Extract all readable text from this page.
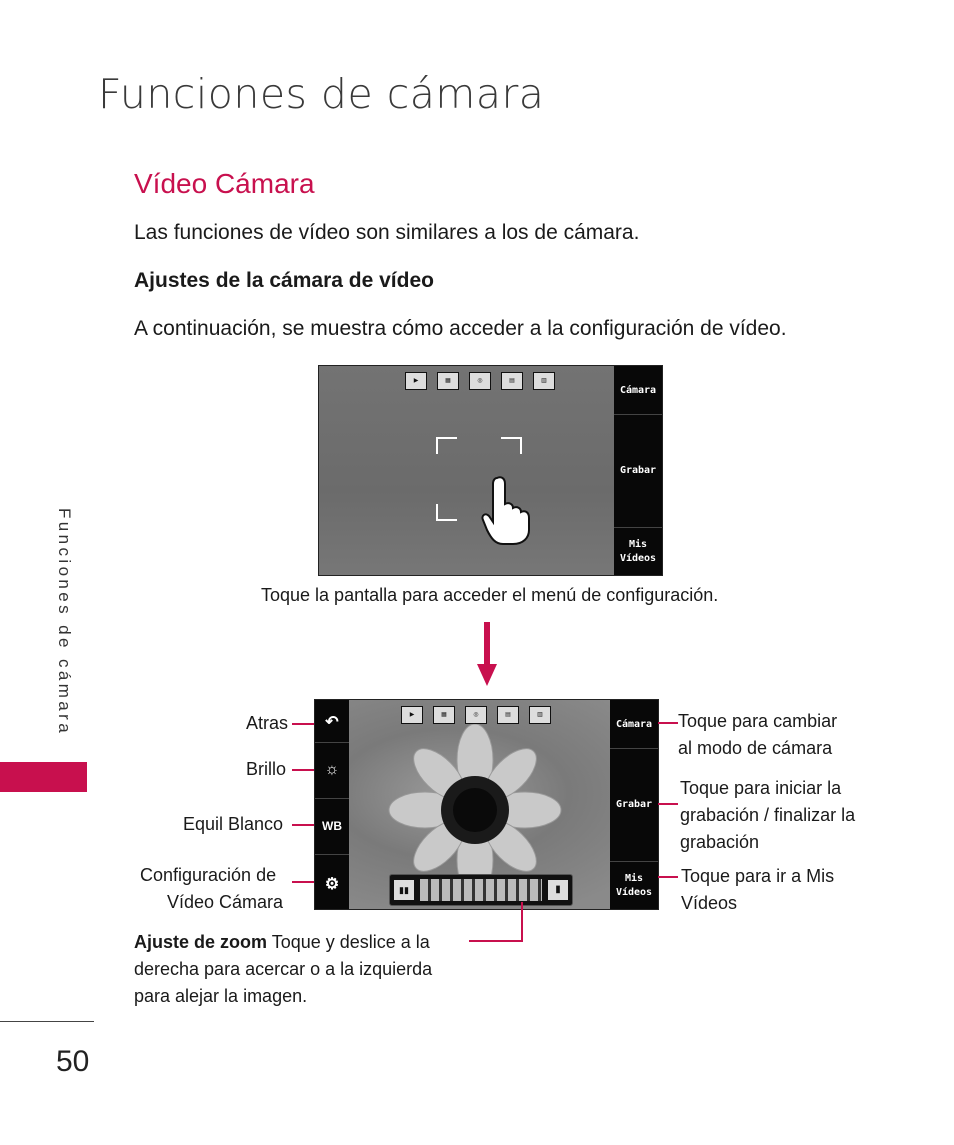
Funciones de cámara
Vídeo Cámara
Las funciones de vídeo son similares a los de cámara.
Ajustes de la cámara de vídeo
A continuación, se muestra cómo acceder a la configuración de vídeo.
Funciones de cámara
▶	▦	◎	▤	▥
Cámara
Grabar
Mis
Vídeos
Toque la pantalla para acceder el menú de configuración.
▶	▦	◎	▤	▥
↶
☼
WB
⚙	▮▮	▮
Cámara
Grabar
Mis
Vídeos
Atras
Brillo
Equil Blanco
Configuración de
Vídeo Cámara
Toque para cambiar
al modo de cámara
Toque para iniciar la
grabación / finalizar la
grabación
Toque para ir a Mis
Vídeos
Ajuste de zoom Toque y deslice a la
derecha para acercar o a la izquierda
para alejar la imagen.
50
